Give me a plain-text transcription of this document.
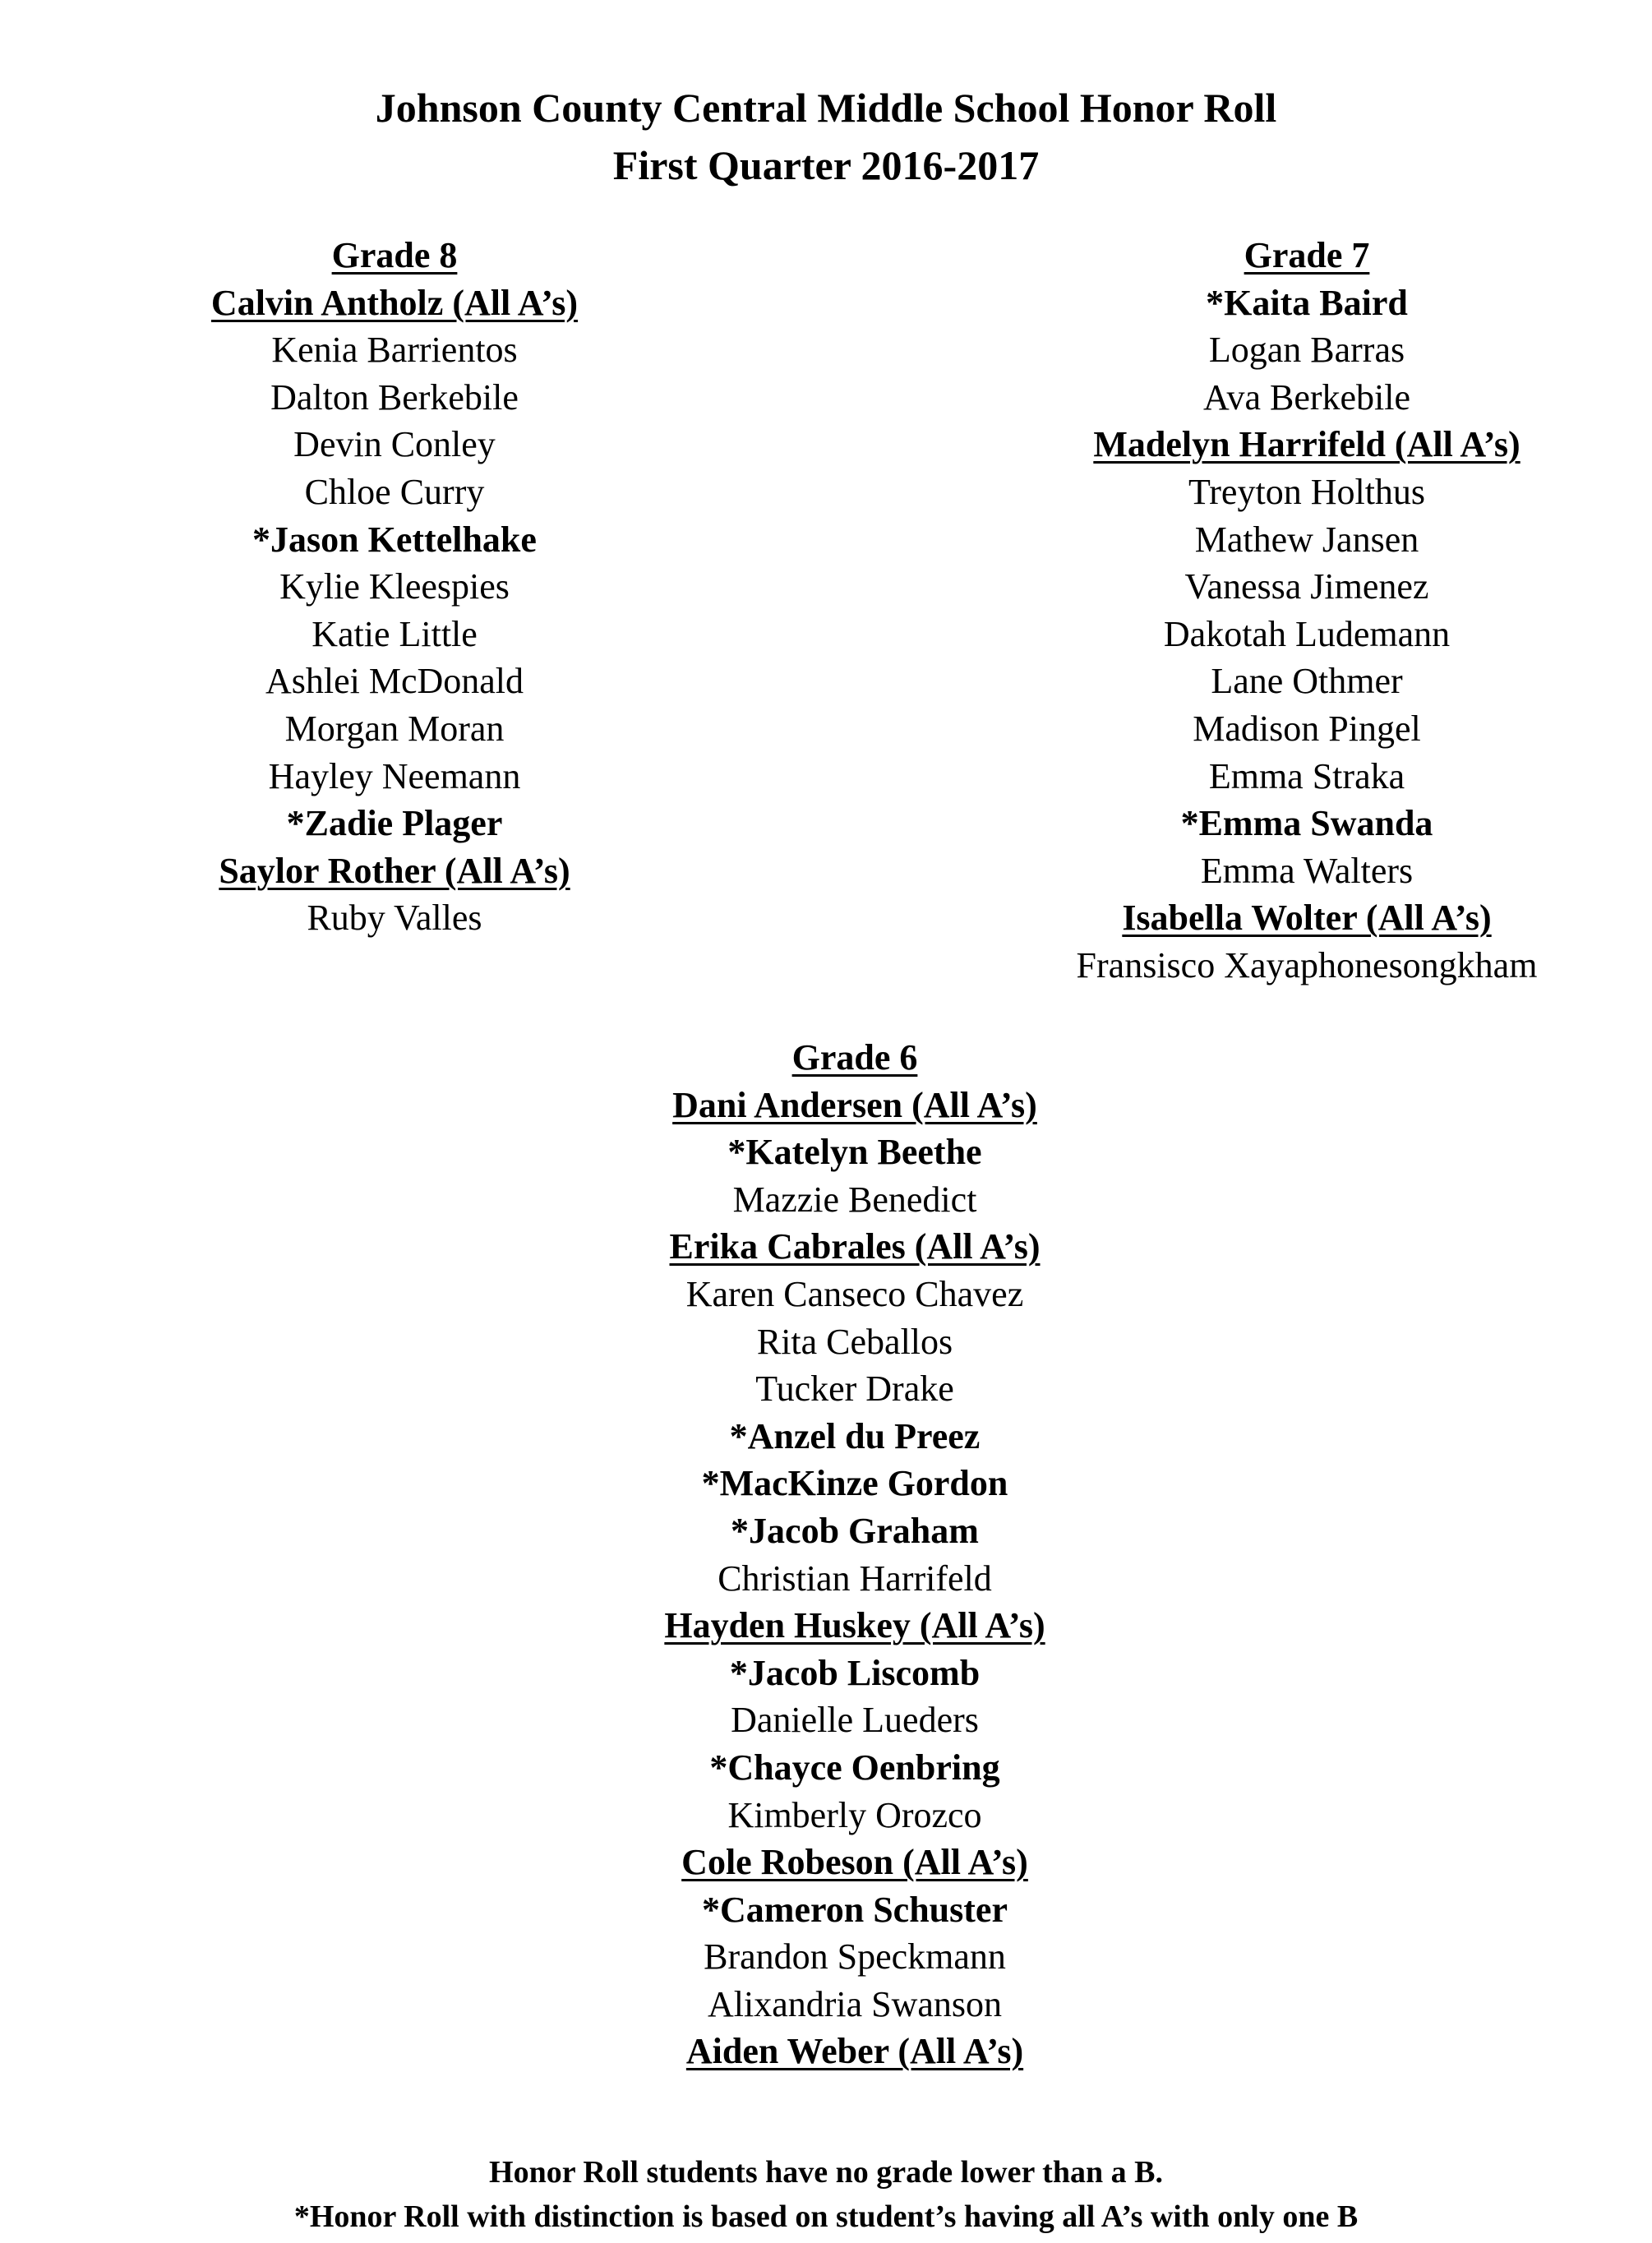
Johnson County Central Middle School Honor Roll
First Quarter 2016-2017
Grade 8
Calvin Antholz (All A’s)
Kenia Barrientos
Dalton Berkebile
Devin Conley
Chloe Curry
*Jason Kettelhake
Kylie Kleespies
Katie Little
Ashlei McDonald
Morgan Moran
Hayley Neemann
*Zadie Plager
Saylor Rother (All A’s)
Ruby Valles
Grade 7
*Kaita Baird
Logan Barras
Ava Berkebile
Madelyn Harrifeld (All A’s)
Treyton Holthus
Mathew Jansen
Vanessa Jimenez
Dakotah Ludemann
Lane Othmer
Madison Pingel
Emma Straka
*Emma Swanda
Emma Walters
Isabella Wolter (All A’s)
Fransisco Xayaphonesongkham
Grade 6
Dani Andersen (All A’s)
*Katelyn Beethe
Mazzie Benedict
Erika Cabrales (All A’s)
Karen Canseco Chavez
Rita Ceballos
Tucker Drake
*Anzel du Preez
*MacKinze Gordon
*Jacob Graham
Christian Harrifeld
Hayden Huskey (All A’s)
*Jacob Liscomb
Danielle Lueders
*Chayce Oenbring
Kimberly Orozco
Cole Robeson (All A’s)
*Cameron Schuster
Brandon Speckmann
Alixandria Swanson
Aiden Weber (All A’s)
Honor Roll students have no grade lower than a B.
*Honor Roll with distinction is based on student’s having all A’s with only one B
